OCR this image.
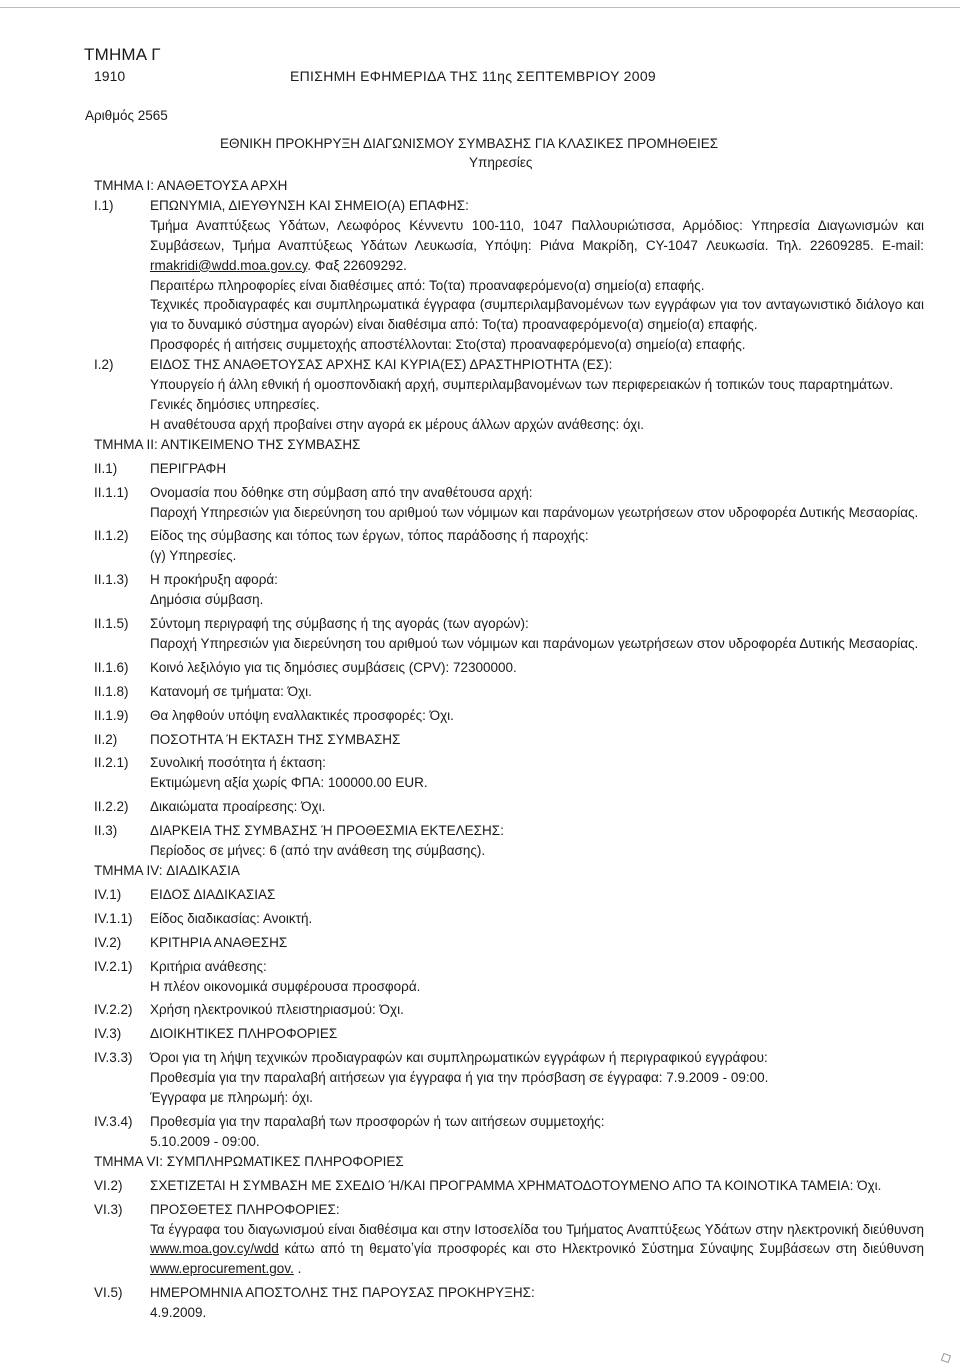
ΤΜΗΜΑ Γ
1910	ΕΠΙΣΗΜΗ ΕΦΗΜΕΡΙΔΑ ΤΗΣ 11ης ΣΕΠΤΕΜΒΡΙΟΥ 2009
Αριθμός 2565
ΕΘΝΙΚΗ ΠΡΟΚΗΡΥΞΗ ΔΙΑΓΩΝΙΣΜΟΥ ΣΥΜΒΑΣΗΣ ΓΙΑ ΚΛΑΣΙΚΕΣ ΠΡΟΜΗΘΕΙΕΣ
Υπηρεσίες

ΤΜΗΜΑ Ι: ΑΝΑΘΕΤΟΥΣΑ ΑΡΧΗ

Ι.1)	ΕΠΩΝΥΜΙΑ, ΔΙΕΥΘΥΝΣΗ ΚΑΙ ΣΗΜΕΙΟ(Α) ΕΠΑΦΗΣ:
Τμήμα Αναπτύξεως Υδάτων, Λεωφόρος Κέννεντυ 100-110, 1047 Παλλουριώτισσα, Αρμόδιος: Υπηρεσία Διαγωνισμών και Συμβάσεων, Τμήμα Αναπτύξεως Υδάτων Λευκωσία, Υπόψη: Ριάνα Μακρίδη, CY-1047 Λευκωσία. Τηλ. 22609285. E-mail: rmakridi@wdd.moa.gov.cy. Φαξ 22609292.
Περαιτέρω πληροφορίες είναι διαθέσιμες από: Το(τα) προαναφερόμενο(α) σημείο(α) επαφής.
Τεχνικές προδιαγραφές και συμπληρωματικά έγγραφα (συμπεριλαμβανομένων των εγγράφων για τον ανταγωνιστικό διάλογο και για το δυναμικό σύστημα αγορών) είναι διαθέσιμα από: Το(τα) προαναφερόμενο(α) σημείο(α) επαφής.
Προσφορές ή αιτήσεις συμμετοχής αποστέλλονται: Στο(στα) προαναφερόμενο(α) σημείο(α) επαφής.
Ι.2)	ΕΙΔΟΣ ΤΗΣ ΑΝΑΘΕΤΟΥΣΑΣ ΑΡΧΗΣ ΚΑΙ ΚΥΡΙΑ(ΕΣ) ΔΡΑΣΤΗΡΙΟΤΗΤΑ (ΕΣ):
Υπουργείο ή άλλη εθνική ή ομοσπονδιακή αρχή, συμπεριλαμβανομένων των περιφερειακών ή τοπικών τους παραρτημάτων.
Γενικές δημόσιες υπηρεσίες.
Η αναθέτουσα αρχή προβαίνει στην αγορά εκ μέρους άλλων αρχών ανάθεσης: όχι.

ΤΜΗΜΑ ΙΙ: ΑΝΤΙΚΕΙΜΕΝΟ ΤΗΣ ΣΥΜΒΑΣΗΣ

ΙΙ.1)	ΠΕΡΙΓΡΑΦΗ
ΙΙ.1.1)	Ονομασία που δόθηκε στη σύμβαση από την αναθέτουσα αρχή:
Παροχή Υπηρεσιών για διερεύνηση του αριθμού των νόμιμων και παράνομων γεωτρήσεων στον υδροφορέα Δυτικής Μεσαορίας.
ΙΙ.1.2)	Είδος της σύμβασης και τόπος των έργων, τόπος παράδοσης ή παροχής:
(γ) Υπηρεσίες.
ΙΙ.1.3)	Η προκήρυξη αφορά:
Δημόσια σύμβαση.
ΙΙ.1.5)	Σύντομη περιγραφή της σύμβασης ή της αγοράς (των αγορών):
Παροχή Υπηρεσιών για διερεύνηση του αριθμού των νόμιμων και παράνομων γεωτρήσεων στον υδροφορέα Δυτικής Μεσαορίας.
ΙΙ.1.6)	Κοινό λεξιλόγιο για τις δημόσιες συμβάσεις (CPV): 72300000.
ΙΙ.1.8)	Κατανομή σε τμήματα: Όχι.
ΙΙ.1.9)	Θα ληφθούν υπόψη εναλλακτικές προσφορές: Όχι.
ΙΙ.2)	ΠΟΣΟΤΗΤΑ Ή ΕΚΤΑΣΗ ΤΗΣ ΣΥΜΒΑΣΗΣ
ΙΙ.2.1)	Συνολική ποσότητα ή έκταση:
Εκτιμώμενη αξία χωρίς ΦΠΑ: 100000.00 EUR.
ΙΙ.2.2)	Δικαιώματα προαίρεσης: Όχι.
ΙΙ.3)	ΔΙΑΡΚΕΙΑ ΤΗΣ ΣΥΜΒΑΣΗΣ Ή ΠΡΟΘΕΣΜΙΑ ΕΚΤΕΛΕΣΗΣ:
Περίοδος σε μήνες: 6 (από την ανάθεση της σύμβασης).

ΤΜΗΜΑ IV: ΔΙΑΔΙΚΑΣΙΑ

IV.1)	ΕΙΔΟΣ ΔΙΑΔΙΚΑΣΙΑΣ
IV.1.1)	Είδος διαδικασίας: Ανοικτή.
IV.2)	ΚΡΙΤΗΡΙΑ ΑΝΑΘΕΣΗΣ
IV.2.1)	Κριτήρια ανάθεσης:
Η πλέον οικονομικά συμφέρουσα προσφορά.
IV.2.2)	Χρήση ηλεκτρονικού πλειστηριασμού: Όχι.
IV.3)	ΔΙΟΙΚΗΤΙΚΕΣ ΠΛΗΡΟΦΟΡΙΕΣ
IV.3.3)	Όροι για τη λήψη τεχνικών προδιαγραφών και συμπληρωματικών εγγράφων ή περιγραφικού εγγράφου:
Προθεσμία για την παραλαβή αιτήσεων για έγγραφα ή για την πρόσβαση σε έγγραφα: 7.9.2009 - 09:00.
Έγγραφα με πληρωμή: όχι.
IV.3.4)	Προθεσμία για την παραλαβή των προσφορών ή των αιτήσεων συμμετοχής:
5.10.2009 - 09:00.

ΤΜΗΜΑ VI: ΣΥΜΠΛΗΡΩΜΑΤΙΚΕΣ ΠΛΗΡΟΦΟΡΙΕΣ

VI.2)	ΣΧΕΤΙΖΕΤΑΙ Η ΣΥΜΒΑΣΗ ΜΕ ΣΧΕΔΙΟ Ή/ΚΑΙ ΠΡΟΓΡΑΜΜΑ ΧΡΗΜΑΤΟΔΟΤΟΥΜΕΝΟ ΑΠΟ ΤΑ ΚΟΙΝΟΤΙΚΑ ΤΑΜΕΙΑ: Όχι.
VI.3)	ΠΡΟΣΘΕΤΕΣ ΠΛΗΡΟΦΟΡΙΕΣ:
Τα έγγραφα του διαγωνισμού είναι διαθέσιμα και στην Ιστοσελίδα του Τμήματος Αναπτύξεως Υδάτων στην ηλεκτρονική διεύθυνση www.moa.gov.cy/wdd κάτω από τη θεματοʼγία προσφορές και στο Ηλεκτρονικό Σύστημα Σύναψης Συμβάσεων στη διεύθυνση www.eprocurement.gov. .
VI.5)	ΗΜΕΡΟΜΗΝΙΑ ΑΠΟΣΤΟΛΗΣ ΤΗΣ ΠΑΡΟΥΣΑΣ ΠΡΟΚΗΡΥΞΗΣ:
4.9.2009.
